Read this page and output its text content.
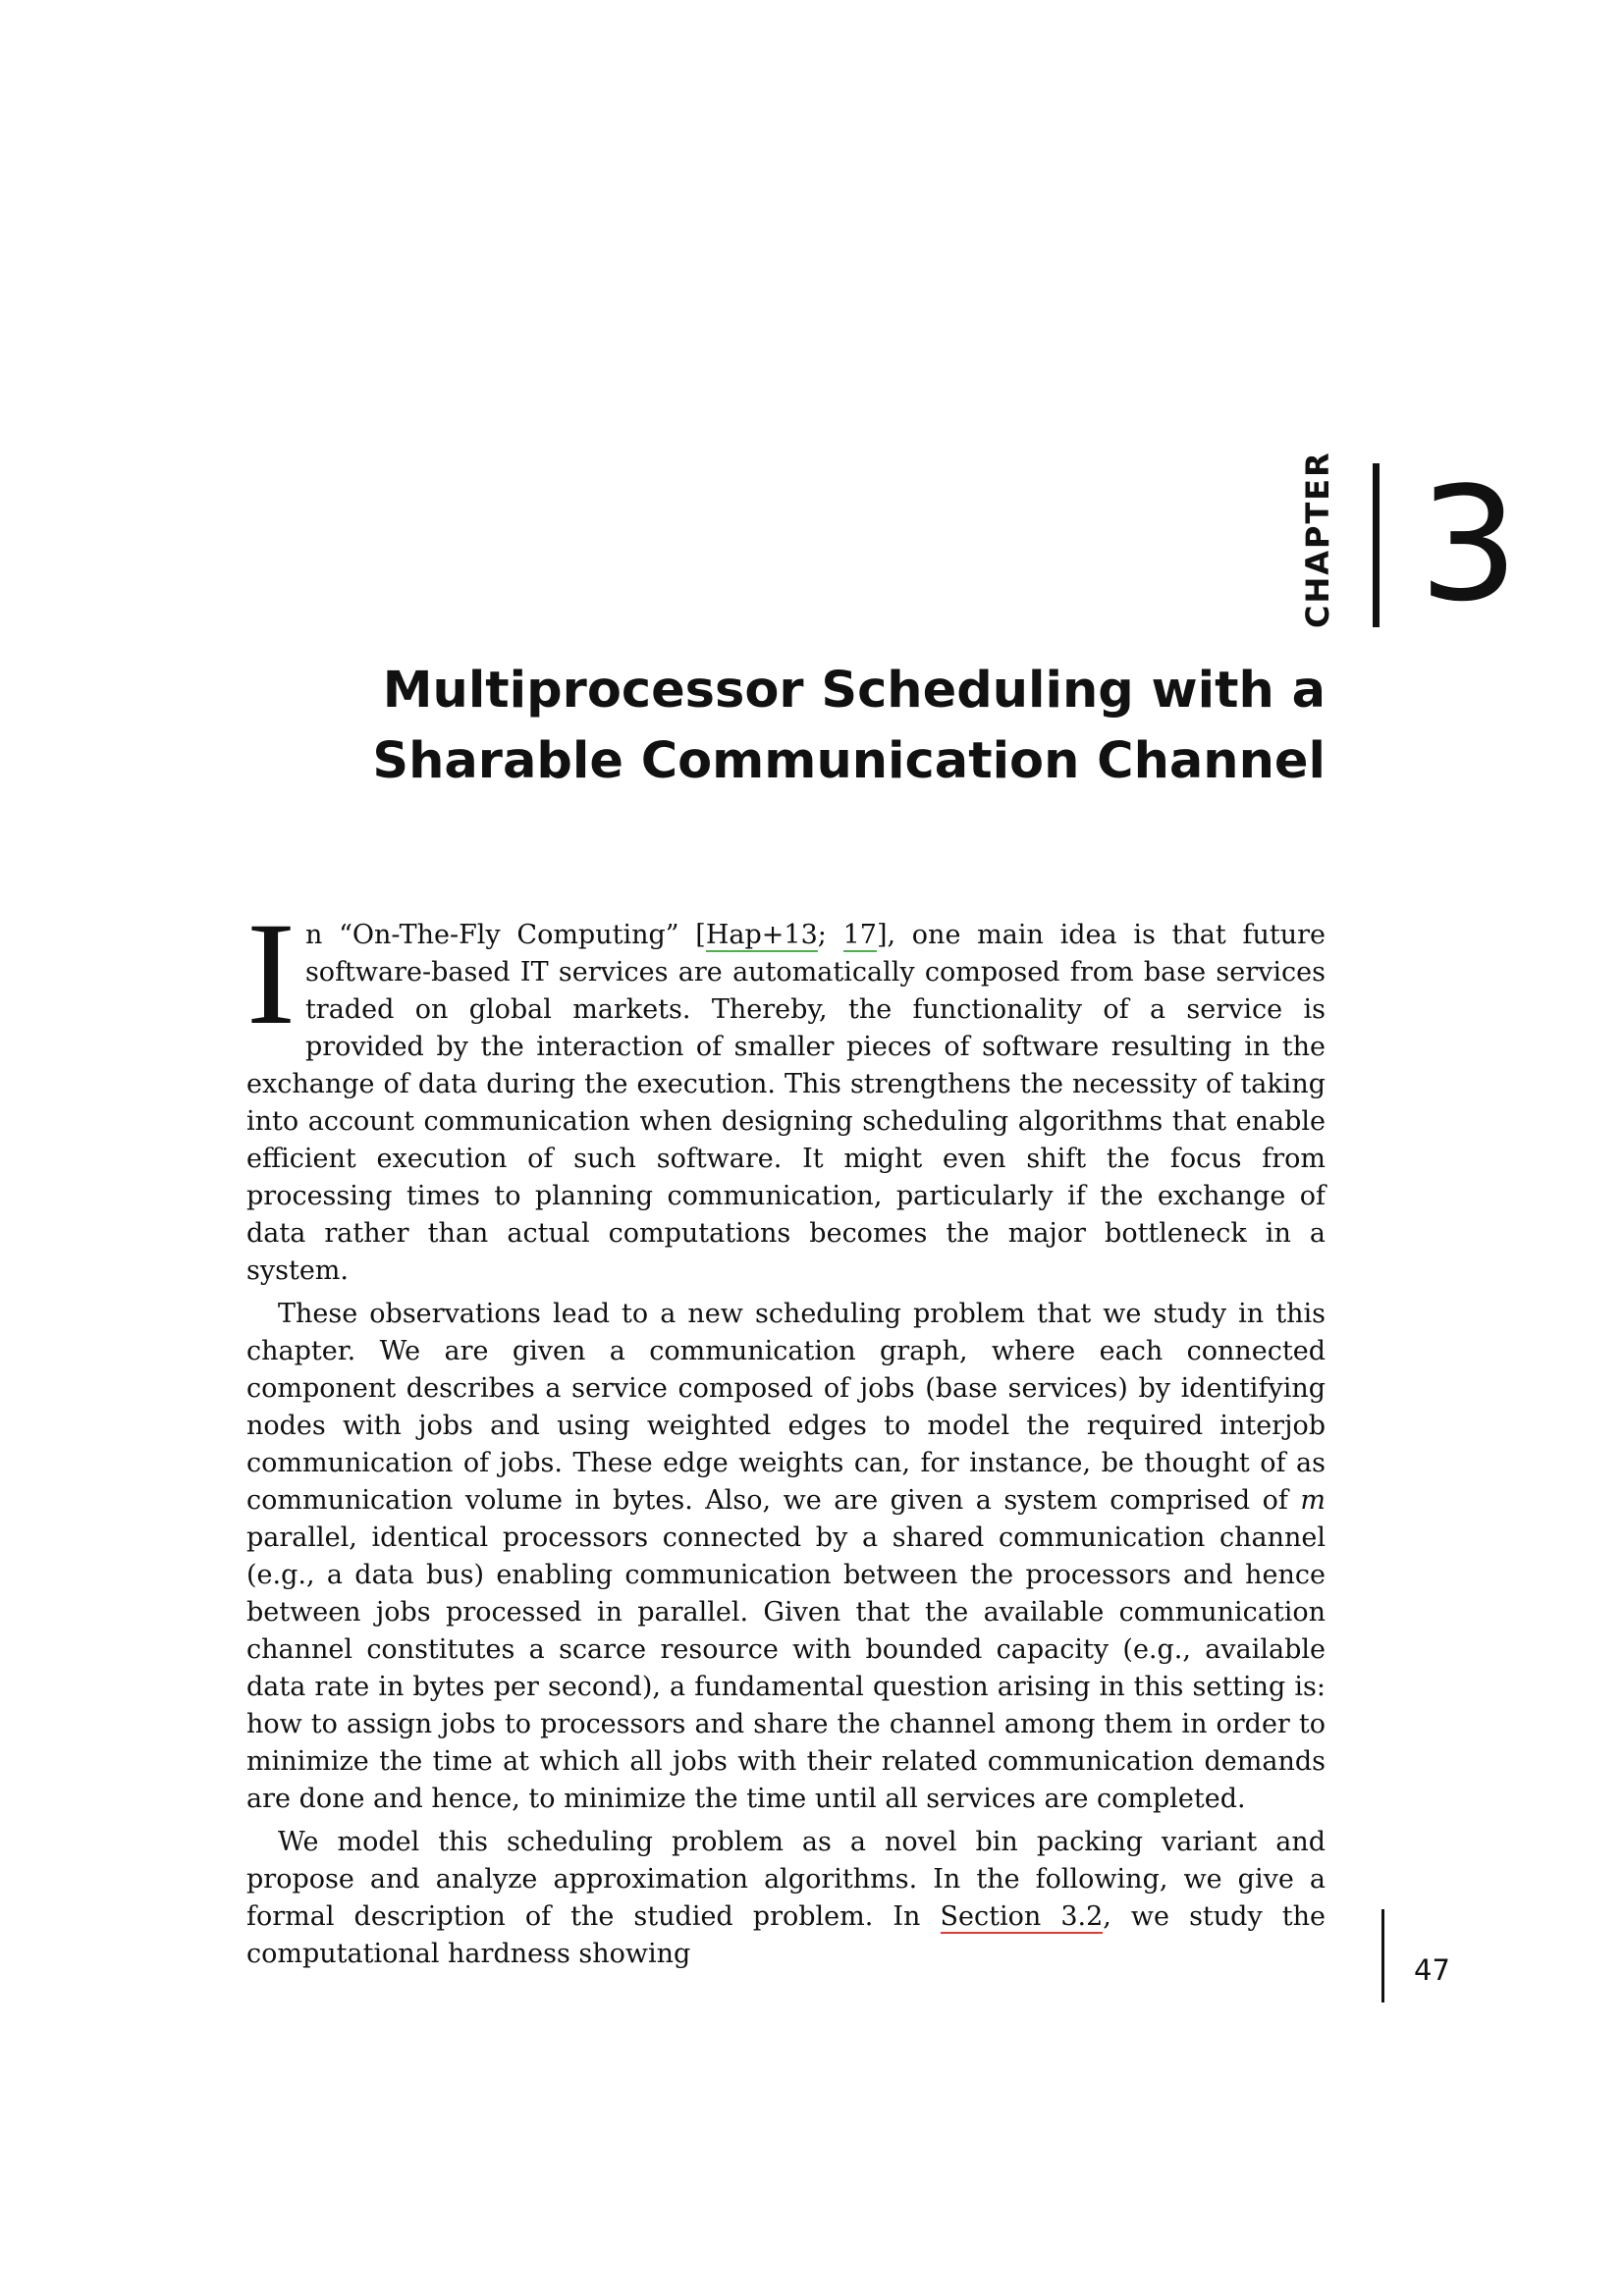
CHAPTER 3
Multiprocessor Scheduling with a
Sharable Communication Channel

In “On-The-Fly Computing” [Hap+13; 17], one main idea is that future software-based IT services are automatically composed from base services traded on global markets. Thereby, the functionality of a service is provided by the interaction of smaller pieces of software resulting in the exchange of data during the execution. This strengthens the necessity of taking into account communication when designing scheduling algorithms that enable efficient execution of such software. It might even shift the focus from processing times to planning communication, particularly if the exchange of data rather than actual computations becomes the major bottleneck in a system.

These observations lead to a new scheduling problem that we study in this chapter. We are given a communication graph, where each connected component describes a service composed of jobs (base services) by identifying nodes with jobs and using weighted edges to model the required interjob communication of jobs. These edge weights can, for instance, be thought of as communication volume in bytes. Also, we are given a system comprised of m parallel, identical processors connected by a shared communication channel (e.g., a data bus) enabling communication between the processors and hence between jobs processed in parallel. Given that the available communication channel constitutes a scarce resource with bounded capacity (e.g., available data rate in bytes per second), a fundamental question arising in this setting is: how to assign jobs to processors and share the channel among them in order to minimize the time at which all jobs with their related communication demands are done and hence, to minimize the time until all services are completed.

We model this scheduling problem as a novel bin packing variant and propose and analyze approximation algorithms. In the following, we give a formal description of the studied problem. In Section 3.2, we study the computational hardness showing	47
